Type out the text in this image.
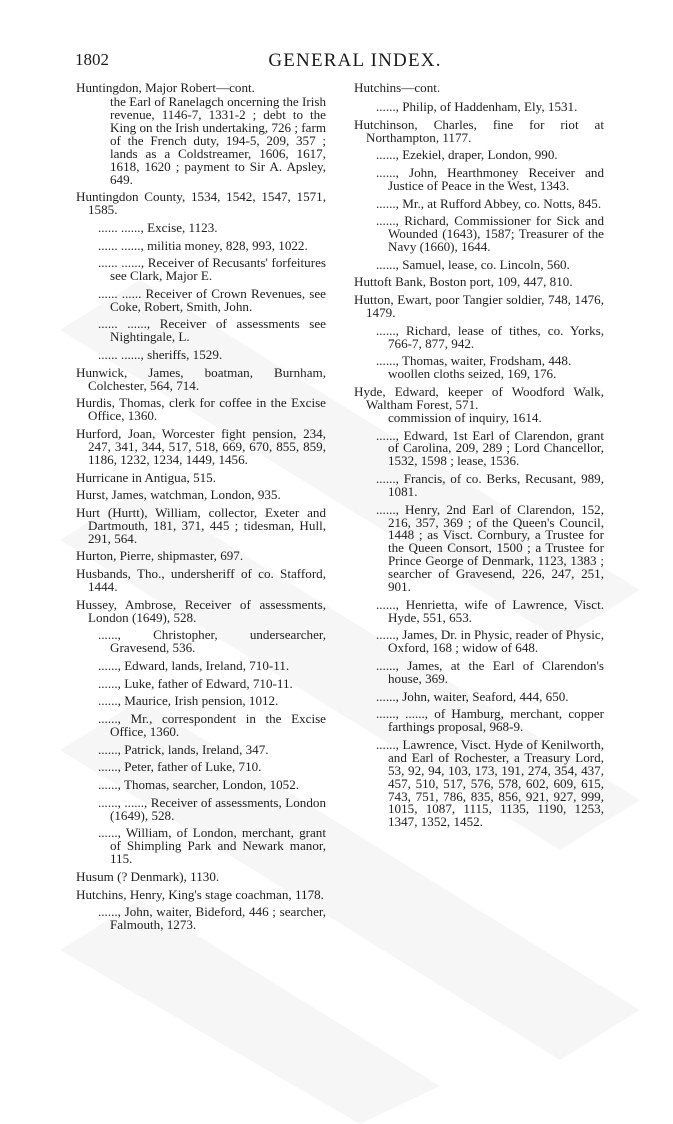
1802	GENERAL INDEX.

Huntingdon, Major Robert—cont.

the Earl of Ranelagch oncerning the Irish revenue, 1146-7, 1331-2 ; debt to the King on the Irish undertaking, 726 ; farm of the French duty, 194-5, 209, 357 ; lands as a Coldstreamer, 1606, 1617, 1618, 1620 ; payment to Sir A. Apsley, 649.

Huntingdon County, 1534, 1542, 1547, 1571, 1585.

...... ......, Excise, 1123.

...... ......, militia money, 828, 993, 1022.

...... ......, Receiver of Recusants' forfeitures see Clark, Major E.

...... ...... Receiver of Crown Revenues, see Coke, Robert, Smith, John.

...... ......, Receiver of assessments see Nightingale, L.

...... ......, sheriffs, 1529.

Hunwick, James, boatman, Burnham, Colchester, 564, 714.

Hurdis, Thomas, clerk for coffee in the Excise Office, 1360.

Hurford, Joan, Worcester fight pension, 234, 247, 341, 344, 517, 518, 669, 670, 855, 859, 1186, 1232, 1234, 1449, 1456.

Hurricane in Antigua, 515.

Hurst, James, watchman, London, 935.

Hurt (Hurtt), William, collector, Exeter and Dartmouth, 181, 371, 445 ; tidesman, Hull, 291, 564.

Hurton, Pierre, shipmaster, 697.

Husbands, Tho., undersheriff of co. Stafford, 1444.

Hussey, Ambrose, Receiver of assessments, London (1649), 528.

......, Christopher, undersearcher, Gravesend, 536.

......, Edward, lands, Ireland, 710-11.

......, Luke, father of Edward, 710-11.

......, Maurice, Irish pension, 1012.

......, Mr., correspondent in the Excise Office, 1360.

......, Patrick, lands, Ireland, 347.

......, Peter, father of Luke, 710.

......, Thomas, searcher, London, 1052.

......, ......, Receiver of assessments, London (1649), 528.

......, William, of London, merchant, grant of Shimpling Park and Newark manor, 115.

Husum (? Denmark), 1130.

Hutchins, Henry, King's stage coachman, 1178.

......, John, waiter, Bideford, 446 ; searcher, Falmouth, 1273.

Hutchins—cont.

......, Philip, of Haddenham, Ely, 1531.

Hutchinson, Charles, fine for riot at Northampton, 1177.

......, Ezekiel, draper, London, 990.

......, John, Hearthmoney Receiver and Justice of Peace in the West, 1343.

......, Mr., at Rufford Abbey, co. Notts, 845.

......, Richard, Commissioner for Sick and Wounded (1643), 1587; Treasurer of the Navy (1660), 1644.

......, Samuel, lease, co. Lincoln, 560.

Huttoft Bank, Boston port, 109, 447, 810.

Hutton, Ewart, poor Tangier soldier, 748, 1476, 1479.

......, Richard, lease of tithes, co. Yorks, 766-7, 877, 942.

......, Thomas, waiter, Frodsham, 448.

woollen cloths seized, 169, 176.

Hyde, Edward, keeper of Woodford Walk, Waltham Forest, 571.

commission of inquiry, 1614.

......, Edward, 1st Earl of Clarendon, grant of Carolina, 209, 289 ; Lord Chancellor, 1532, 1598 ; lease, 1536.

......, Francis, of co. Berks, Recusant, 989, 1081.

......, Henry, 2nd Earl of Clarendon, 152, 216, 357, 369 ; of the Queen's Council, 1448 ; as Visct. Cornbury, a Trustee for the Queen Consort, 1500 ; a Trustee for Prince George of Denmark, 1123, 1383 ; searcher of Gravesend, 226, 247, 251, 901.

......, Henrietta, wife of Lawrence, Visct. Hyde, 551, 653.

......, James, Dr. in Physic, reader of Physic, Oxford, 168 ; widow of 648.

......, James, at the Earl of Clarendon's house, 369.

......, John, waiter, Seaford, 444, 650.

......, ......, of Hamburg, merchant, copper farthings proposal, 968-9.

......, Lawrence, Visct. Hyde of Kenilworth, and Earl of Rochester, a Treasury Lord, 53, 92, 94, 103, 173, 191, 274, 354, 437, 457, 510, 517, 576, 578, 602, 609, 615, 743, 751, 786, 835, 856, 921, 927, 999, 1015, 1087, 1115, 1135, 1190, 1253, 1347, 1352, 1452.
